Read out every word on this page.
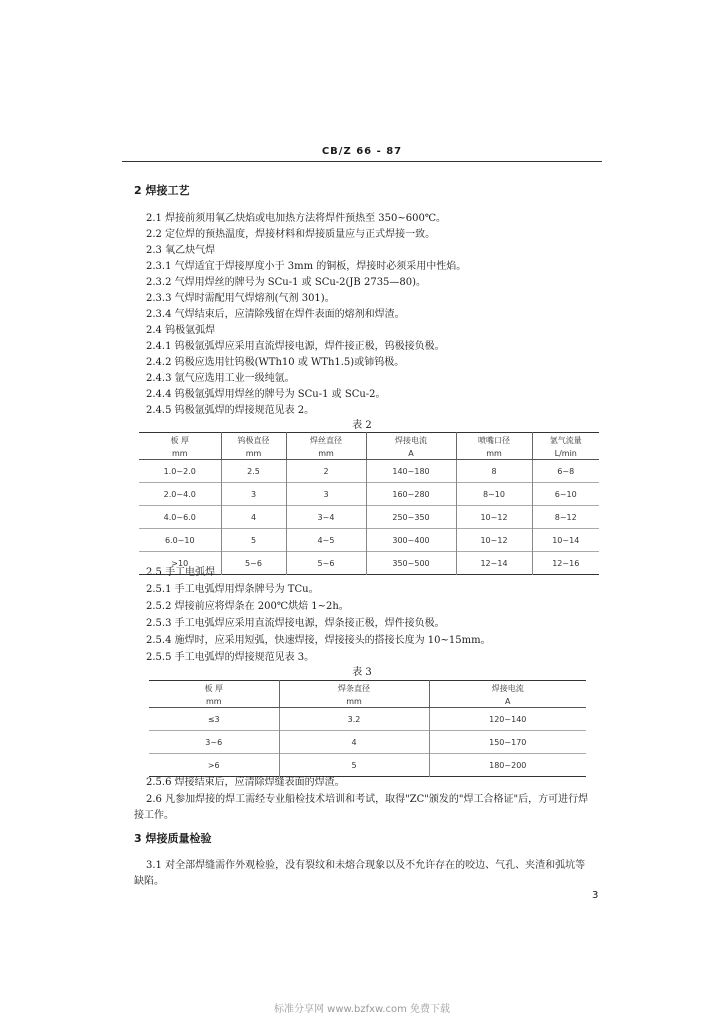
CB/Z 66 - 87
2 焊接工艺
2.1 焊接前须用氧乙炔焰或电加热方法将焊件预热至 350~600℃。
2.2 定位焊的预热温度，焊接材料和焊接质量应与正式焊接一致。
2.3 氧乙炔气焊
2.3.1 气焊适宜于焊接厚度小于 3mm 的铜板，焊接时必须采用中性焰。
2.3.2 气焊用焊丝的牌号为 SCu-1 或 SCu-2(JB 2735—80)。
2.3.3 气焊时需配用气焊熔剂(气剂 301)。
2.3.4 气焊结束后，应清除残留在焊件表面的熔剂和焊渣。
2.4 钨极氩弧焊
2.4.1 钨极氩弧焊应采用直流焊接电源，焊件接正极，钨极接负极。
2.4.2 钨极应选用钍钨极(WTh10 或 WTh1.5)或铈钨极。
2.4.3 氩气应选用工业一级纯氩。
2.4.4 钨极氩弧焊用焊丝的牌号为 SCu-1 或 SCu-2。
2.4.5 钨极氩弧焊的焊接规范见表 2。
表 2
板 厚	钨极直径	焊丝直径	焊接电流	喷嘴口径	氩气流量
mm	mm	mm	A	mm	L/min
1.0~2.0	2.5	2	140~180	8	6~8
2.0~4.0	3	3	160~280	8~10	6~10
4.0~6.0	4	3~4	250~350	10~12	8~12
6.0~10	5	4~5	300~400	10~12	10~14
>10	5~6	5~6	350~500	12~14	12~16
2.5 手工电弧焊
2.5.1 手工电弧焊用焊条牌号为 TCu。
2.5.2 焊接前应将焊条在 200℃烘焙 1~2h。
2.5.3 手工电弧焊应采用直流焊接电源，焊条接正极，焊件接负极。
2.5.4 施焊时，应采用短弧，快速焊接，焊接接头的搭接长度为 10~15mm。
2.5.5 手工电弧焊的焊接规范见表 3。
表 3
板 厚	焊条直径	焊接电流
mm	mm	A
≤3	3.2	120~140
3~6	4	150~170
>6	5	180~200
2.5.6 焊接结束后，应清除焊缝表面的焊渣。
2.6 凡参加焊接的焊工需经专业船检技术培训和考试，取得"ZC"颁发的"焊工合格证"后，方可进行焊
接工作。
3 焊接质量检验
3.1 对全部焊缝需作外观检验，没有裂纹和未熔合现象以及不允许存在的咬边、气孔、夹渣和弧坑等
缺陷。
3
标准分享网 www.bzfxw.com 免费下载
